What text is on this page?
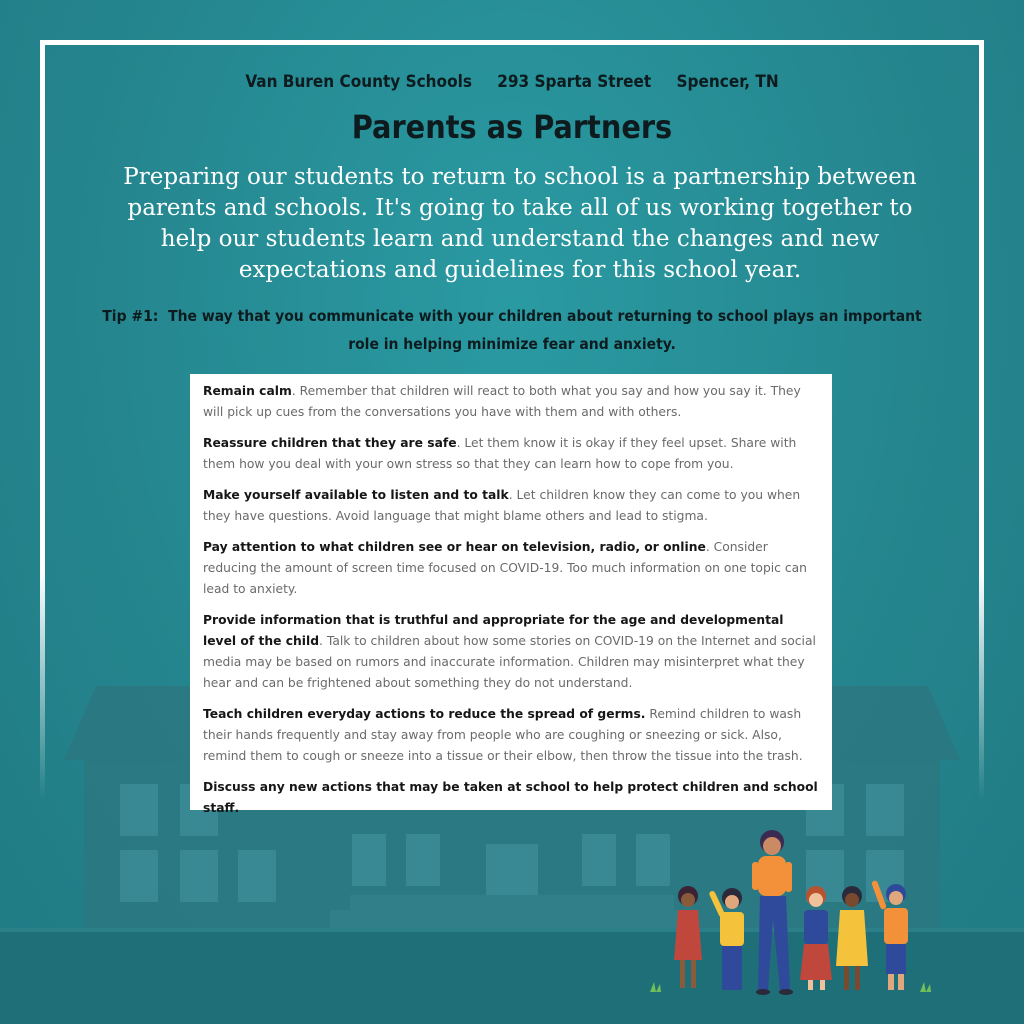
Van Buren County Schools 293 Sparta Street Spencer, TN
Parents as Partners
Preparing our students to return to school is a partnership between parents and schools. It's going to take all of us working together to help our students learn and understand the changes and new expectations and guidelines for this school year.
Tip #1: The way that you communicate with your children about returning to school plays an important role in helping minimize fear and anxiety.

Remain calm. Remember that children will react to both what you say and how you say it. They will pick up cues from the conversations you have with them and with others.

Reassure children that they are safe. Let them know it is okay if they feel upset. Share with them how you deal with your own stress so that they can learn how to cope from you.

Make yourself available to listen and to talk. Let children know they can come to you when they have questions. Avoid language that might blame others and lead to stigma.

Pay attention to what children see or hear on television, radio, or online. Consider reducing the amount of screen time focused on COVID-19. Too much information on one topic can lead to anxiety.

Provide information that is truthful and appropriate for the age and developmental level of the child. Talk to children about how some stories on COVID-19 on the Internet and social media may be based on rumors and inaccurate information. Children may misinterpret what they hear and can be frightened about something they do not understand.

Teach children everyday actions to reduce the spread of germs. Remind children to wash their hands frequently and stay away from people who are coughing or sneezing or sick. Also, remind them to cough or sneeze into a tissue or their elbow, then throw the tissue into the trash.

Discuss any new actions that may be taken at school to help protect children and school staff.
